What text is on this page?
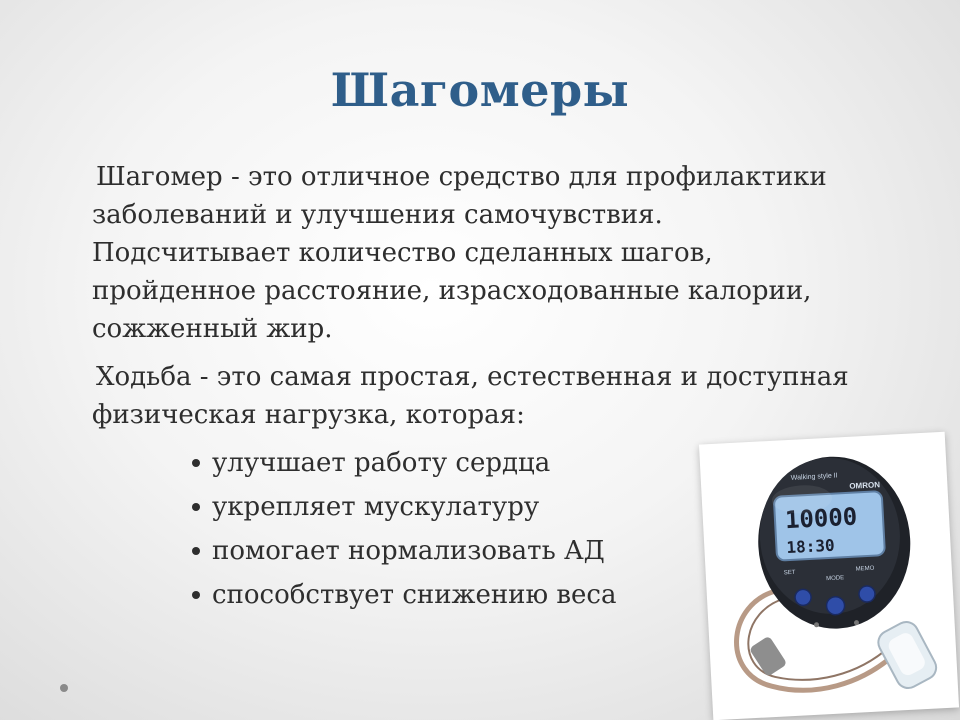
Шагомеры
Шагомер - это отличное средство для профилактики
заболеваний и улучшения самочувствия.
Подсчитывает количество сделанных шагов,
пройденное расстояние, израсходованные калории,
сожженный жир.
Ходьба - это самая простая, естественная и доступная
физическая нагрузка, которая:
улучшает работу сердца
укрепляет мускулатуру
помогает нормализовать АД
способствует снижению веса
Walking style II
OMRON
10000
18:30
SET
MEMO
MODE
